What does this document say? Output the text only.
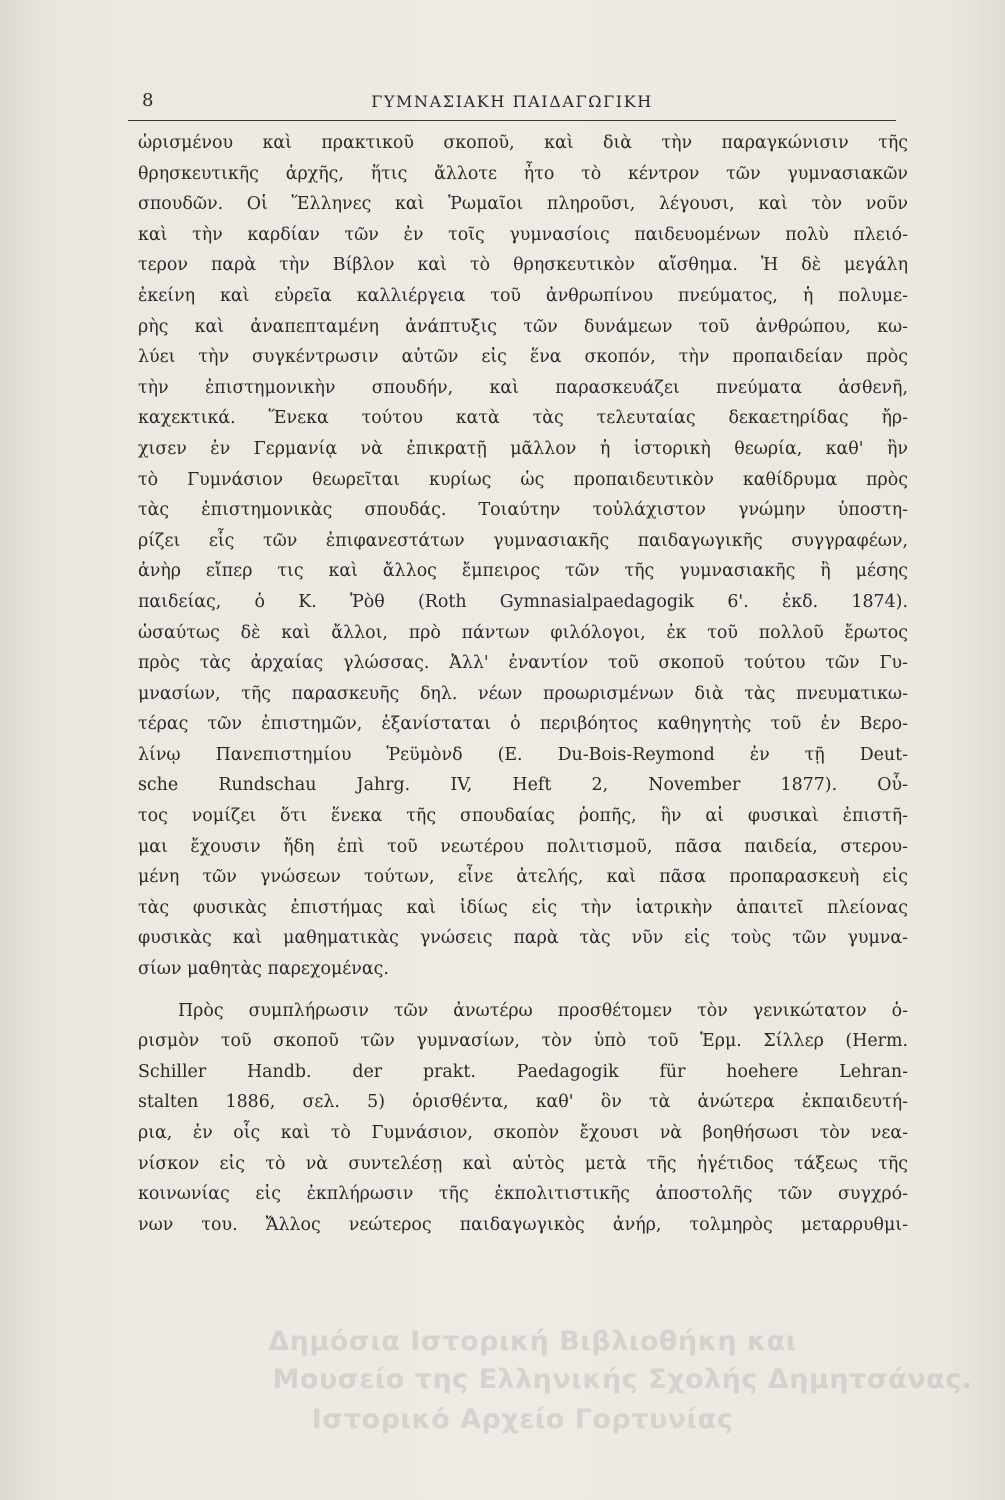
8	ΓΥΜΝΑΣΙΑΚΗ ΠΑΙΔΑΓΩΓΙΚΗ
ὡρισμένου καὶ πρακτικοῦ σκοποῦ, καὶ διὰ τὴν παραγκώνισιν τῆς
θρησκευτικῆς ἀρχῆς, ἥτις ἄλλοτε ἦτο τὸ κέντρον τῶν γυμνασιακῶν
σπουδῶν. Οἱ Ἕλληνες καὶ Ῥωμαῖοι πληροῦσι, λέγουσι, καὶ τὸν νοῦν
καὶ τὴν καρδίαν τῶν ἐν τοῖς γυμνασίοις παιδευομένων πολὺ πλειό-
τερον παρὰ τὴν Βίβλον καὶ τὸ θρησκευτικὸν αἴσθημα. Ἡ δὲ μεγάλη
ἐκείνη καὶ εὐρεῖα καλλιέργεια τοῦ ἀνθρωπίνου πνεύματος, ἡ πολυμε-
ρὴς καὶ ἀναπεπταμένη ἀνάπτυξις τῶν δυνάμεων τοῦ ἀνθρώπου, κω-
λύει τὴν συγκέντρωσιν αὐτῶν εἰς ἕνα σκοπόν, τὴν προπαιδείαν πρὸς
τὴν ἐπιστημονικὴν σπουδήν, καὶ παρασκευάζει πνεύματα ἀσθενῆ,
καχεκτικά. Ἕνεκα τούτου κατὰ τὰς τελευταίας δεκαετηρίδας ἤρ-
χισεν ἐν Γερμανίᾳ νὰ ἐπικρατῇ μᾶλλον ἡ ἱστορικὴ θεωρία, καθ' ἣν
τὸ Γυμνάσιον θεωρεῖται κυρίως ὡς προπαιδευτικὸν καθίδρυμα πρὸς
τὰς ἐπιστημονικὰς σπουδάς. Τοιαύτην τοὐλάχιστον γνώμην ὑποστη-
ρίζει εἷς τῶν ἐπιφανεστάτων γυμνασιακῆς παιδαγωγικῆς συγγραφέων,
ἀνὴρ εἴπερ τις καὶ ἄλλος ἔμπειρος τῶν τῆς γυμνασιακῆς ἢ μέσης
παιδείας, ὁ Κ. Ῥὸθ (Roth Gymnasialpaedagogik 6'. ἐκδ. 1874).
ὡσαύτως δὲ καὶ ἄλλοι, πρὸ πάντων φιλόλογοι, ἐκ τοῦ πολλοῦ ἔρωτος
πρὸς τὰς ἀρχαίας γλώσσας. Ἀλλ' ἐναντίον τοῦ σκοποῦ τούτου τῶν Γυ-
μνασίων, τῆς παρασκευῆς δηλ. νέων προωρισμένων διὰ τὰς πνευματικω-
τέρας τῶν ἐπιστημῶν, ἐξανίσταται ὁ περιβόητος καθηγητὴς τοῦ ἐν Βερο-
λίνῳ Πανεπιστημίου Ῥεϋμὸνδ (E. Du-Bois-Reymond ἐν τῇ Deut-
sche Rundschau Jahrg. IV, Heft 2, November 1877). Οὗ-
τος νομίζει ὅτι ἕνεκα τῆς σπουδαίας ῥοπῆς, ἣν αἱ φυσικαὶ ἐπιστῆ-
μαι ἔχουσιν ἤδη ἐπὶ τοῦ νεωτέρου πολιτισμοῦ, πᾶσα παιδεία, στερου-
μένη τῶν γνώσεων τούτων, εἶνε ἀτελής, καὶ πᾶσα προπαρασκευὴ εἰς
τὰς φυσικὰς ἐπιστήμας καὶ ἰδίως εἰς τὴν ἰατρικὴν ἀπαιτεῖ πλείονας
φυσικὰς καὶ μαθηματικὰς γνώσεις παρὰ τὰς νῦν εἰς τοὺς τῶν γυμνα-
σίων μαθητὰς παρεχομένας.
Πρὸς συμπλήρωσιν τῶν ἀνωτέρω προσθέτομεν τὸν γενικώτατον ὁ-
ρισμὸν τοῦ σκοποῦ τῶν γυμνασίων, τὸν ὑπὸ τοῦ Ἑρμ. Σίλλερ (Herm.
Schiller Handb. der prakt. Paedagogik für hoehere Lehran-
stalten 1886, σελ. 5) ὁρισθέντα, καθ' ὃν τὰ ἀνώτερα ἐκπαιδευτή-
ρια, ἐν οἷς καὶ τὸ Γυμνάσιον, σκοπὸν ἔχουσι νὰ βοηθήσωσι τὸν νεα-
νίσκον εἰς τὸ νὰ συντελέσῃ καὶ αὐτὸς μετὰ τῆς ἡγέτιδος τάξεως τῆς
κοινωνίας εἰς ἐκπλήρωσιν τῆς ἐκπολιτιστικῆς ἀποστολῆς τῶν συγχρό-
νων του. Ἄλλος νεώτερος παιδαγωγικὸς ἀνήρ, τολμηρὸς μεταρρυθμι-
Δημόσια Ιστορική Βιβλιοθήκη και
Μουσείο της Ελληνικής Σχολής Δημητσάνας.
Ιστορικό Αρχείο Γορτυνίας
